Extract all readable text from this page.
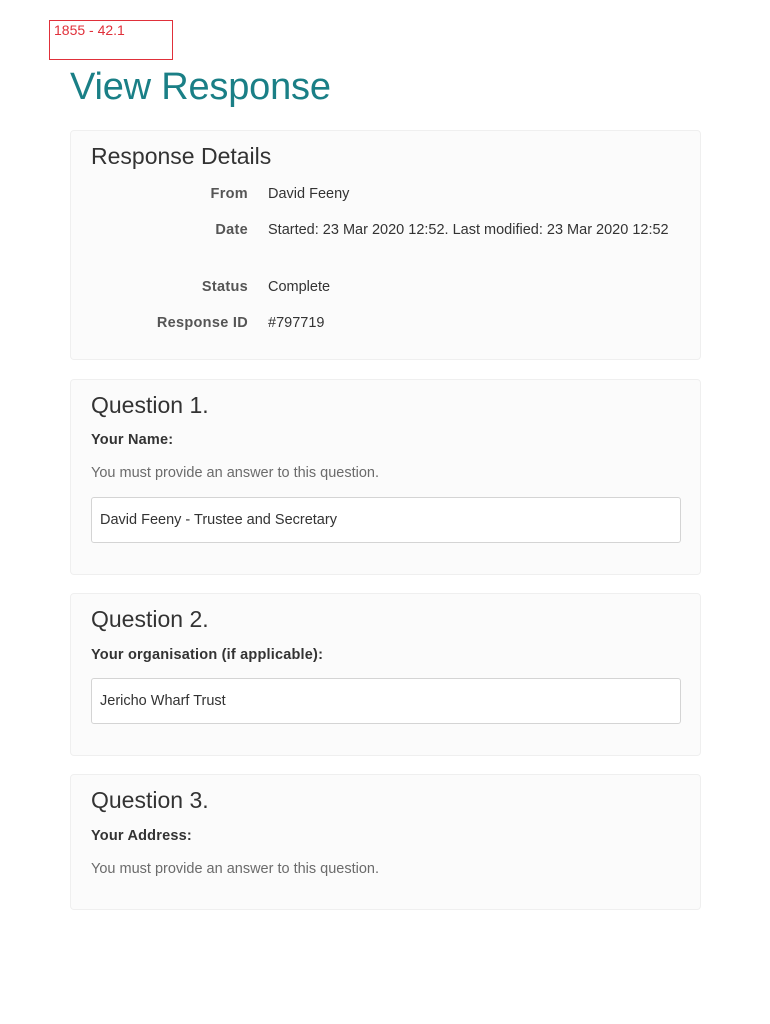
1855 - 42.1
View Response
Response Details
From David Feeny
Date Started: 23 Mar 2020 12:52. Last modified: 23 Mar 2020 12:52
Status Complete
Response ID #797719
Question 1.
Your Name:
You must provide an answer to this question.
David Feeny - Trustee and Secretary
Question 2.
Your organisation (if applicable):
Jericho Wharf Trust
Question 3.
Your Address:
You must provide an answer to this question.
